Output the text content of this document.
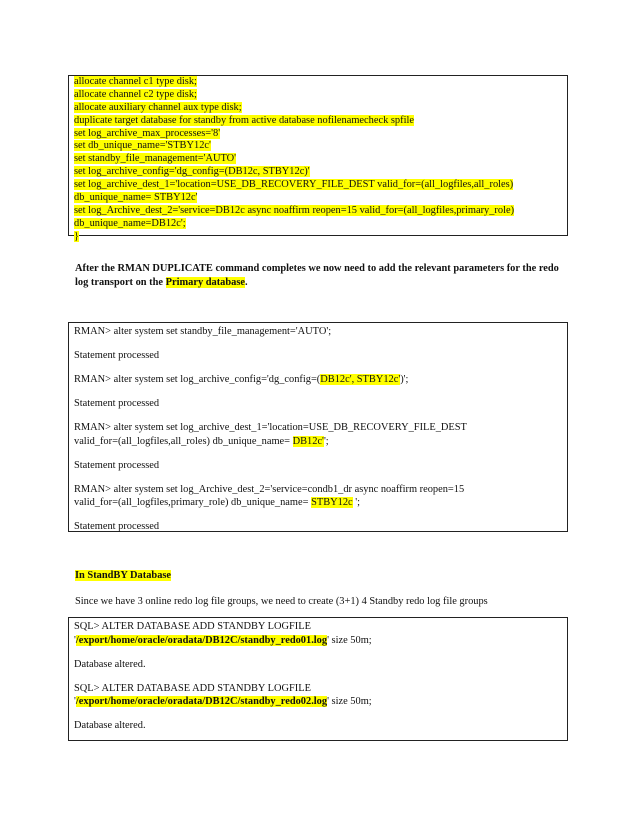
allocate channel c1 type disk;
allocate channel c2 type disk;
allocate auxiliary channel aux type disk;
duplicate target database for standby from active database nofilenamecheck spfile
set log_archive_max_processes='8'
set db_unique_name='STBY12c'
set standby_file_management='AUTO'
set log_archive_config='dg_config=(DB12c, STBY12c)'
set log_archive_dest_1='location=USE_DB_RECOVERY_FILE_DEST valid_for=(all_logfiles,all_roles)
db_unique_name= STBY12c'
set log_Archive_dest_2='service=DB12c async noaffirm reopen=15 valid_for=(all_logfiles,primary_role)
db_unique_name=DB12c';
}
After the RMAN DUPLICATE command completes we now need to add the relevant parameters for the redo log transport on the Primary database.
RMAN> alter system set standby_file_management='AUTO';
Statement processed
RMAN> alter system set log_archive_config='dg_config=(DB12c', STBY12c')';
Statement processed
RMAN> alter system set log_archive_dest_1='location=USE_DB_RECOVERY_FILE_DEST
valid_for=(all_logfiles,all_roles) db_unique_name= DB12c'';
Statement processed
RMAN> alter system set log_Archive_dest_2='service=condb1_dr async noaffirm reopen=15
valid_for=(all_logfiles,primary_role) db_unique_name= STBY12c ';
Statement processed
In StandBY Database
Since we have 3 online redo log file groups, we need to create (3+1) 4 Standby redo log file groups
SQL> ALTER DATABASE ADD STANDBY LOGFILE
'/export/home/oracle/oradata/DB12C/standby_redo01.log' size 50m;
Database altered.
SQL> ALTER DATABASE ADD STANDBY LOGFILE
'/export/home/oracle/oradata/DB12C/standby_redo02.log' size 50m;
Database altered.
